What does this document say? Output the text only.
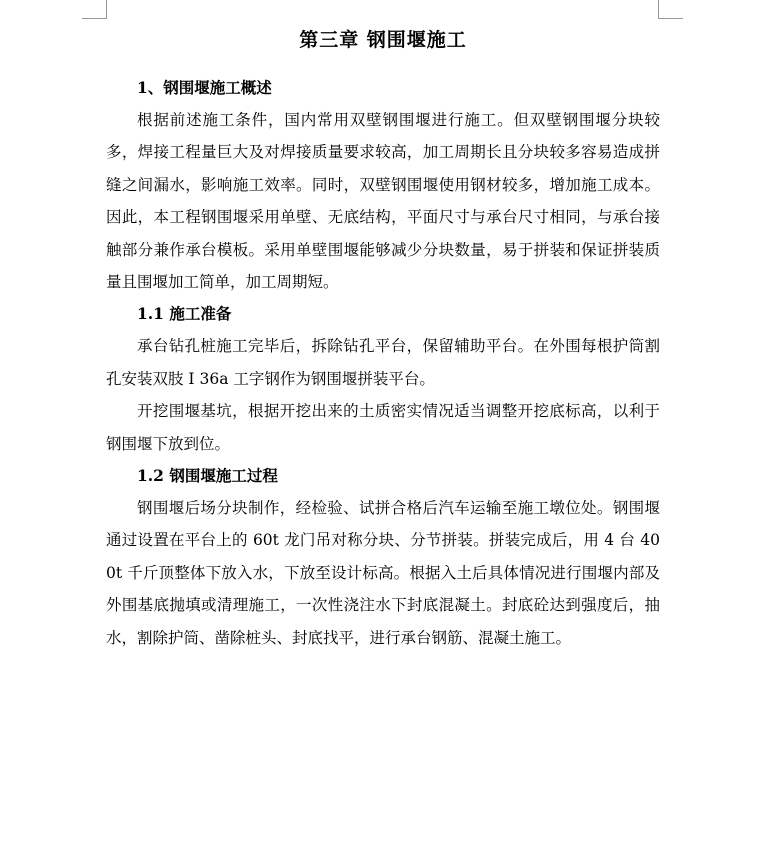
第三章 钢围堰施工
1、钢围堰施工概述

根据前述施工条件，国内常用双壁钢围堰进行施工。但双壁钢围堰分块较多，焊接工程量巨大及对焊接质量要求较高，加工周期长且分块较多容易造成拼缝之间漏水，影响施工效率。同时，双壁钢围堰使用钢材较多，增加施工成本。因此，本工程钢围堰采用单壁、无底结构，平面尺寸与承台尺寸相同，与承台接触部分兼作承台模板。采用单壁围堰能够减少分块数量，易于拼装和保证拼装质量且围堰加工简单，加工周期短。

1.1 施工准备

承台钻孔桩施工完毕后，拆除钻孔平台，保留辅助平台。在外围每根护筒割孔安装双肢 I 36a 工字钢作为钢围堰拼装平台。

开挖围堰基坑，根据开挖出来的土质密实情况适当调整开挖底标高，以利于钢围堰下放到位。

1.2 钢围堰施工过程

钢围堰后场分块制作，经检验、试拼合格后汽车运输至施工墩位处。钢围堰通过设置在平台上的 60t 龙门吊对称分块、分节拼装。拼装完成后，用 4 台 400t 千斤顶整体下放入水，下放至设计标高。根据入土后具体情况进行围堰内部及外围基底抛填或清理施工，一次性浇注水下封底混凝土。封底砼达到强度后，抽水，割除护筒、凿除桩头、封底找平，进行承台钢筋、混凝土施工。
